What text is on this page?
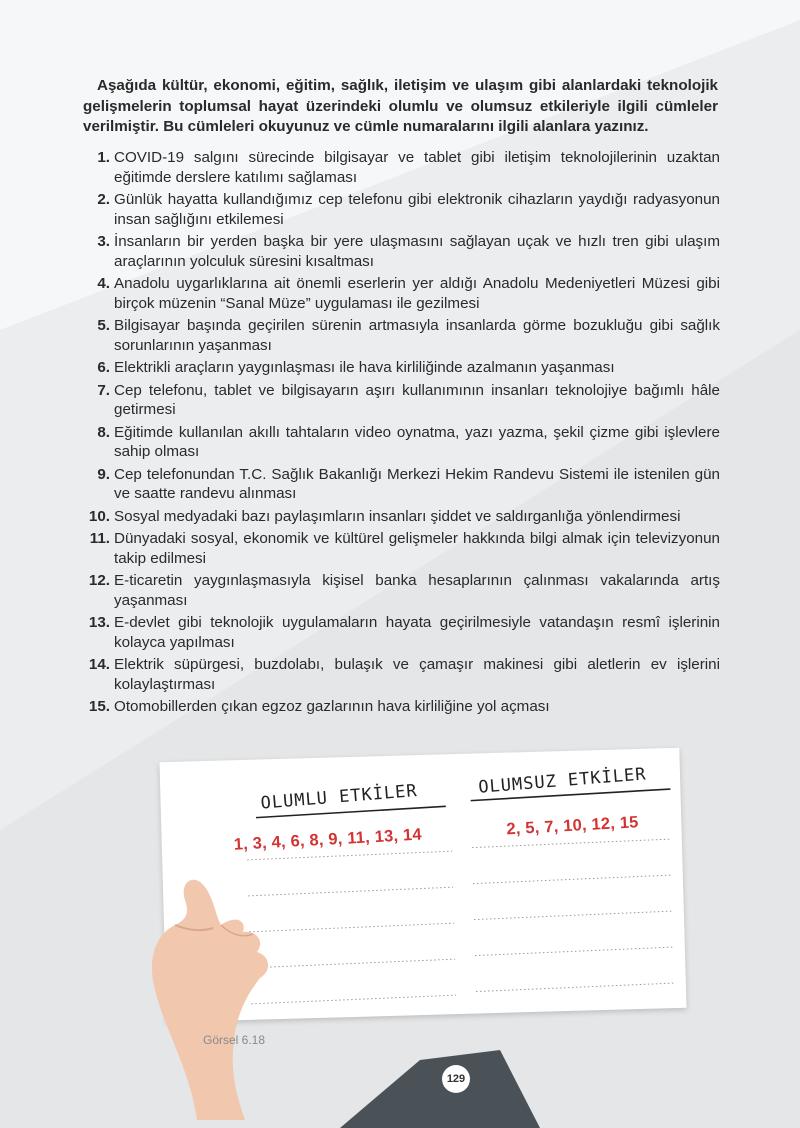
Aşağıda kültür, ekonomi, eğitim, sağlık, iletişim ve ulaşım gibi alanlardaki teknolojik gelişmelerin toplumsal hayat üzerindeki olumlu ve olumsuz etkileriyle ilgili cümleler verilmiştir. Bu cümleleri okuyunuz ve cümle numaralarını ilgili alanlara yazınız.
1. COVID-19 salgını sürecinde bilgisayar ve tablet gibi iletişim teknolojilerinin uzaktan eğitimde derslere katılımı sağlaması
2. Günlük hayatta kullandığımız cep telefonu gibi elektronik cihazların yaydığı radyasyonun insan sağlığını etkilemesi
3. İnsanların bir yerden başka bir yere ulaşmasını sağlayan uçak ve hızlı tren gibi ulaşım araçlarının yolculuk süresini kısaltması
4. Anadolu uygarlıklarına ait önemli eserlerin yer aldığı Anadolu Medeniyetleri Müzesi gibi birçok müzenin “Sanal Müze” uygulaması ile gezilmesi
5. Bilgisayar başında geçirilen sürenin artmasıyla insanlarda görme bozukluğu gibi sağlık sorunlarının yaşanması
6. Elektrikli araçların yaygınlaşması ile hava kirliliğinde azalmanın yaşanması
7. Cep telefonu, tablet ve bilgisayarın aşırı kullanımının insanları teknolojiye bağımlı hâle getirmesi
8. Eğitimde kullanılan akıllı tahtaların video oynatma, yazı yazma, şekil çizme gibi işlevlere sahip olması
9. Cep telefonundan T.C. Sağlık Bakanlığı Merkezi Hekim Randevu Sistemi ile istenilen gün ve saatte randevu alınması
10. Sosyal medyadaki bazı paylaşımların insanları şiddet ve saldırganlığa yönlendirmesi
11. Dünyadaki sosyal, ekonomik ve kültürel gelişmeler hakkında bilgi almak için televizyonun takip edilmesi
12. E-ticaretin yaygınlaşmasıyla kişisel banka hesaplarının çalınması vakalarında artış yaşanması
13. E-devlet gibi teknolojik uygulamaların hayata geçirilmesiyle vatandaşın resmî işlerinin kolayca yapılması
14. Elektrik süpürgesi, buzdolabı, bulaşık ve çamaşır makinesi gibi aletlerin ev işlerini kolaylaştırması
15. Otomobillerden çıkan egzoz gazlarının hava kirliliğine yol açması
OLUMLU ETKİLER	OLUMSUZ ETKİLER
1, 3, 4, 6, 8, 9, 11, 13, 14	2, 5, 7, 10, 12, 15
Görsel 6.18
129
